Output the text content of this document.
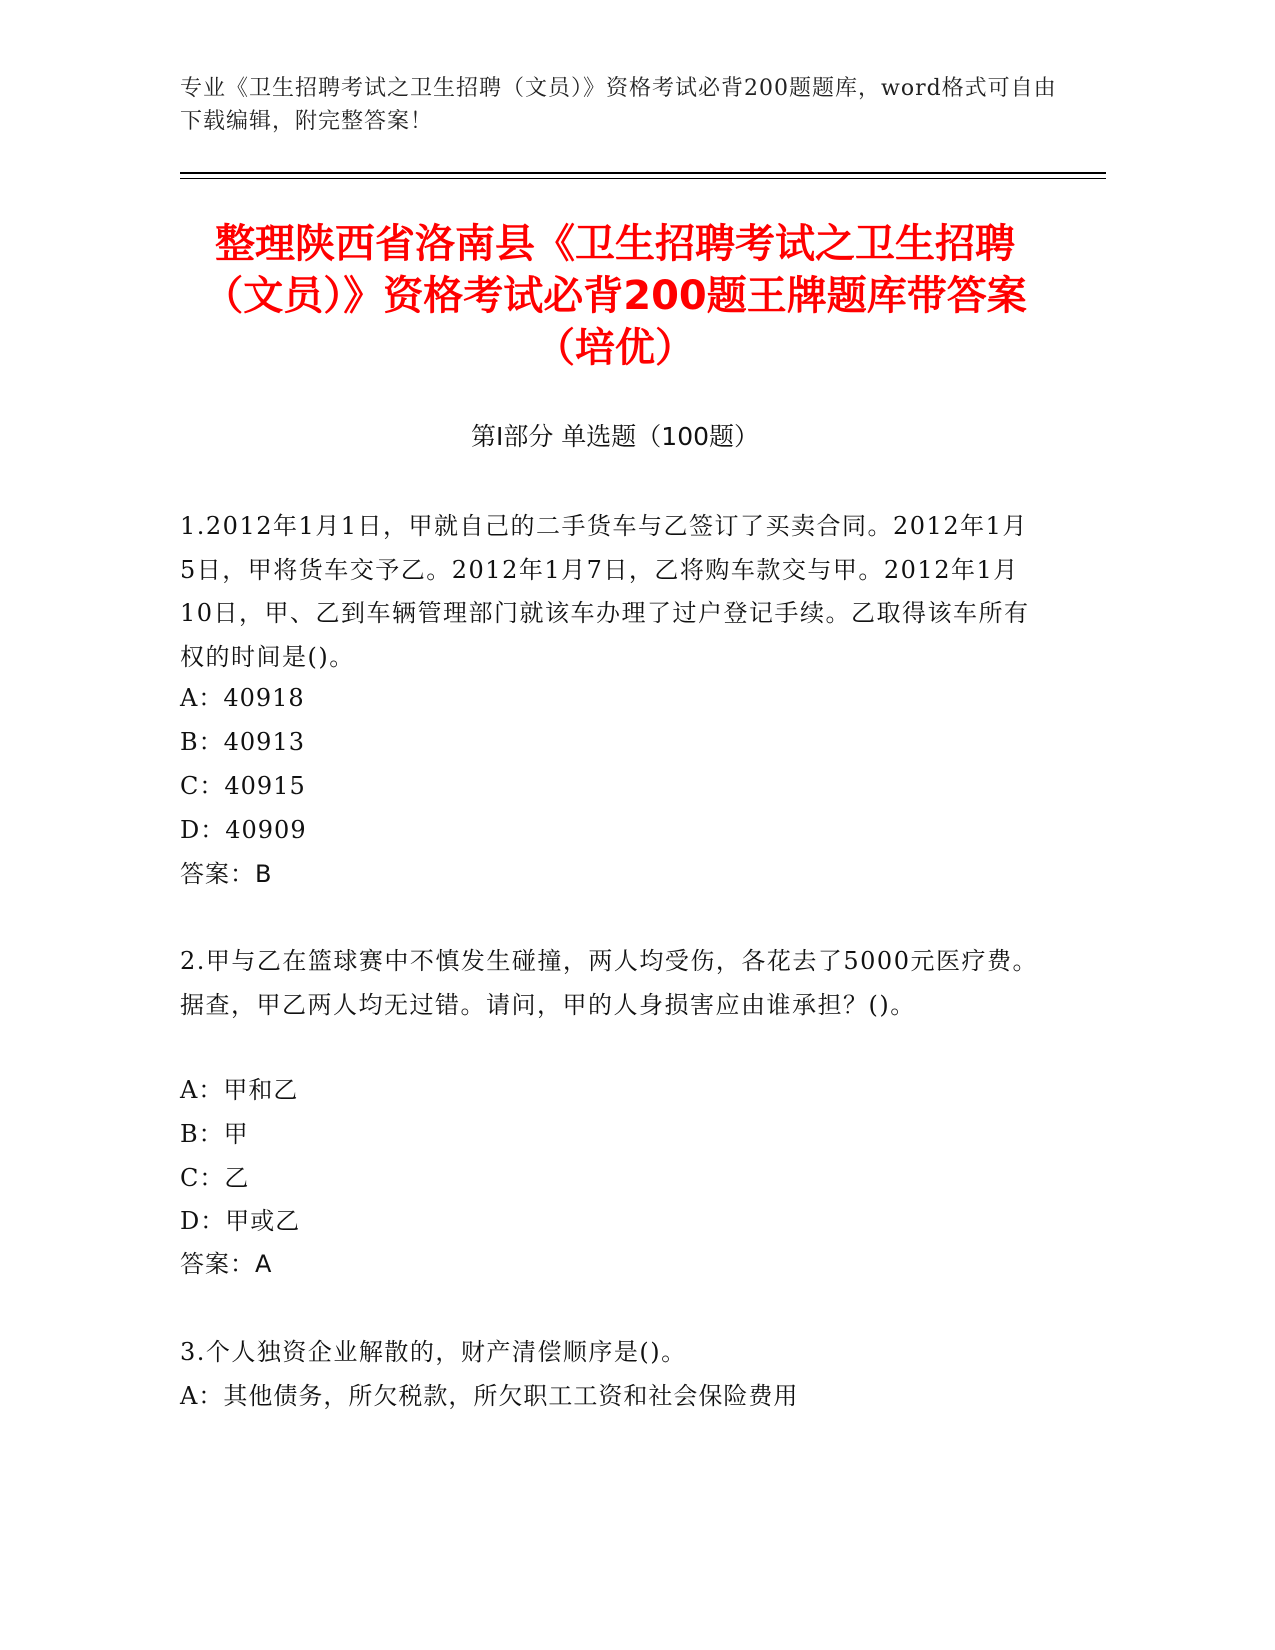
专业《卫生招聘考试之卫生招聘（文员）》资格考试必背200题题库，word格式可自由下载编辑，附完整答案！
整理陕西省洛南县《卫生招聘考试之卫生招聘（文员）》资格考试必背200题王牌题库带答案（培优）
第Ⅰ部分 单选题（100题）
1.2012年1月1日，甲就自己的二手货车与乙签订了买卖合同。2012年1月5日，甲将货车交予乙。2012年1月7日，乙将购车款交与甲。2012年1月10日，甲、乙到车辆管理部门就该车办理了过户登记手续。乙取得该车所有权的时间是()。
A：40918
B：40913
C：40915
D：40909
答案：B
2.甲与乙在篮球赛中不慎发生碰撞，两人均受伤，各花去了5000元医疗费。据查，甲乙两人均无过错。请问，甲的人身损害应由谁承担？()。
A：甲和乙
B：甲
C：乙
D：甲或乙
答案：A
3.个人独资企业解散的，财产清偿顺序是()。
A：其他债务，所欠税款，所欠职工工资和社会保险费用
